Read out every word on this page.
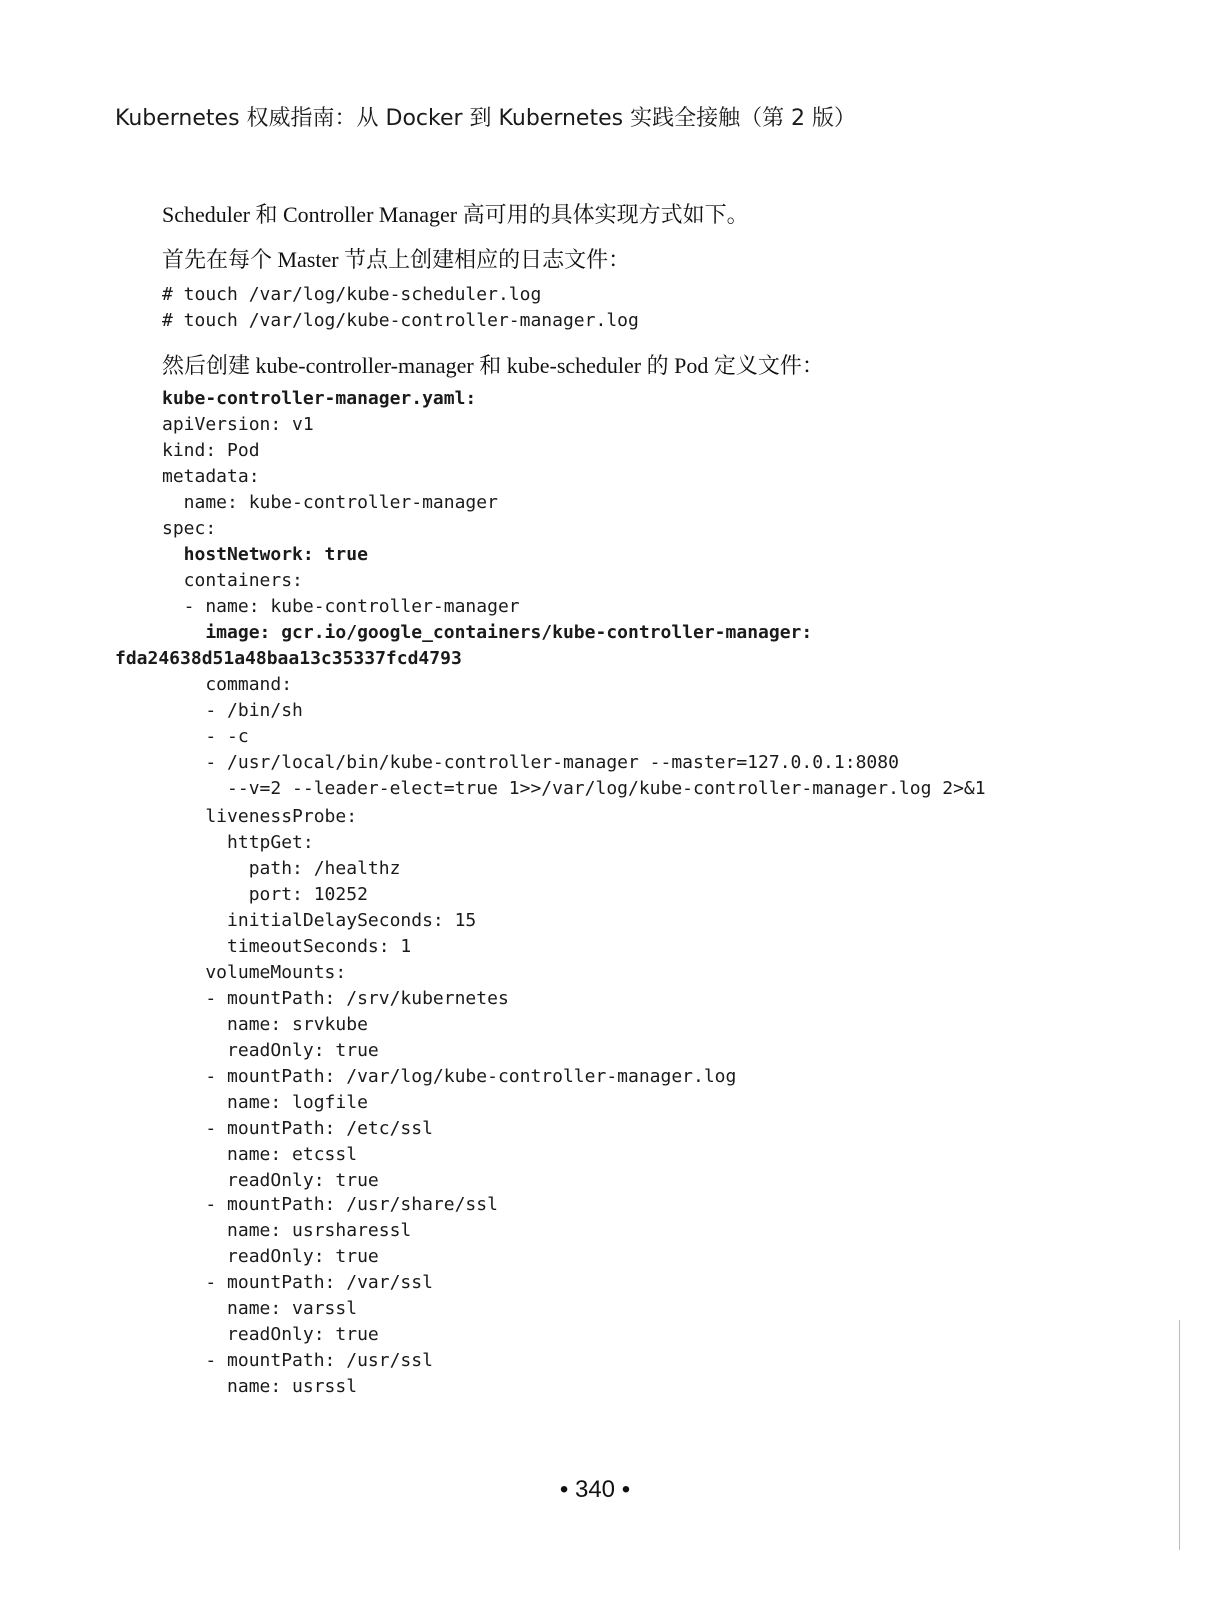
Kubernetes 权威指南：从 Docker 到 Kubernetes 实践全接触（第 2 版）
Scheduler 和 Controller Manager 高可用的具体实现方式如下。
首先在每个 Master 节点上创建相应的日志文件：

# touch /var/log/kube-scheduler.log

# touch /var/log/kube-controller-manager.log

然后创建 kube-controller-manager 和 kube-scheduler 的 Pod 定义文件：

kube-controller-manager.yaml:

apiVersion: v1

kind: Pod

metadata:

name: kube-controller-manager

spec:

hostNetwork: true

containers:

- name: kube-controller-manager

image: gcr.io/google_containers/kube-controller-manager:

fda24638d51a48baa13c35337fcd4793

command:

- /bin/sh

- -c

- /usr/local/bin/kube-controller-manager --master=127.0.0.1:8080

--v=2 --leader-elect=true 1>>/var/log/kube-controller-manager.log 2>&1

livenessProbe:

httpGet:

path: /healthz

port: 10252

initialDelaySeconds: 15

timeoutSeconds: 1

volumeMounts:

- mountPath: /srv/kubernetes

name: srvkube

readOnly: true

- mountPath: /var/log/kube-controller-manager.log

name: logfile

- mountPath: /etc/ssl

name: etcssl

readOnly: true

- mountPath: /usr/share/ssl

name: usrsharessl

readOnly: true

- mountPath: /var/ssl

name: varssl

readOnly: true

- mountPath: /usr/ssl

name: usrssl

• 340 •
